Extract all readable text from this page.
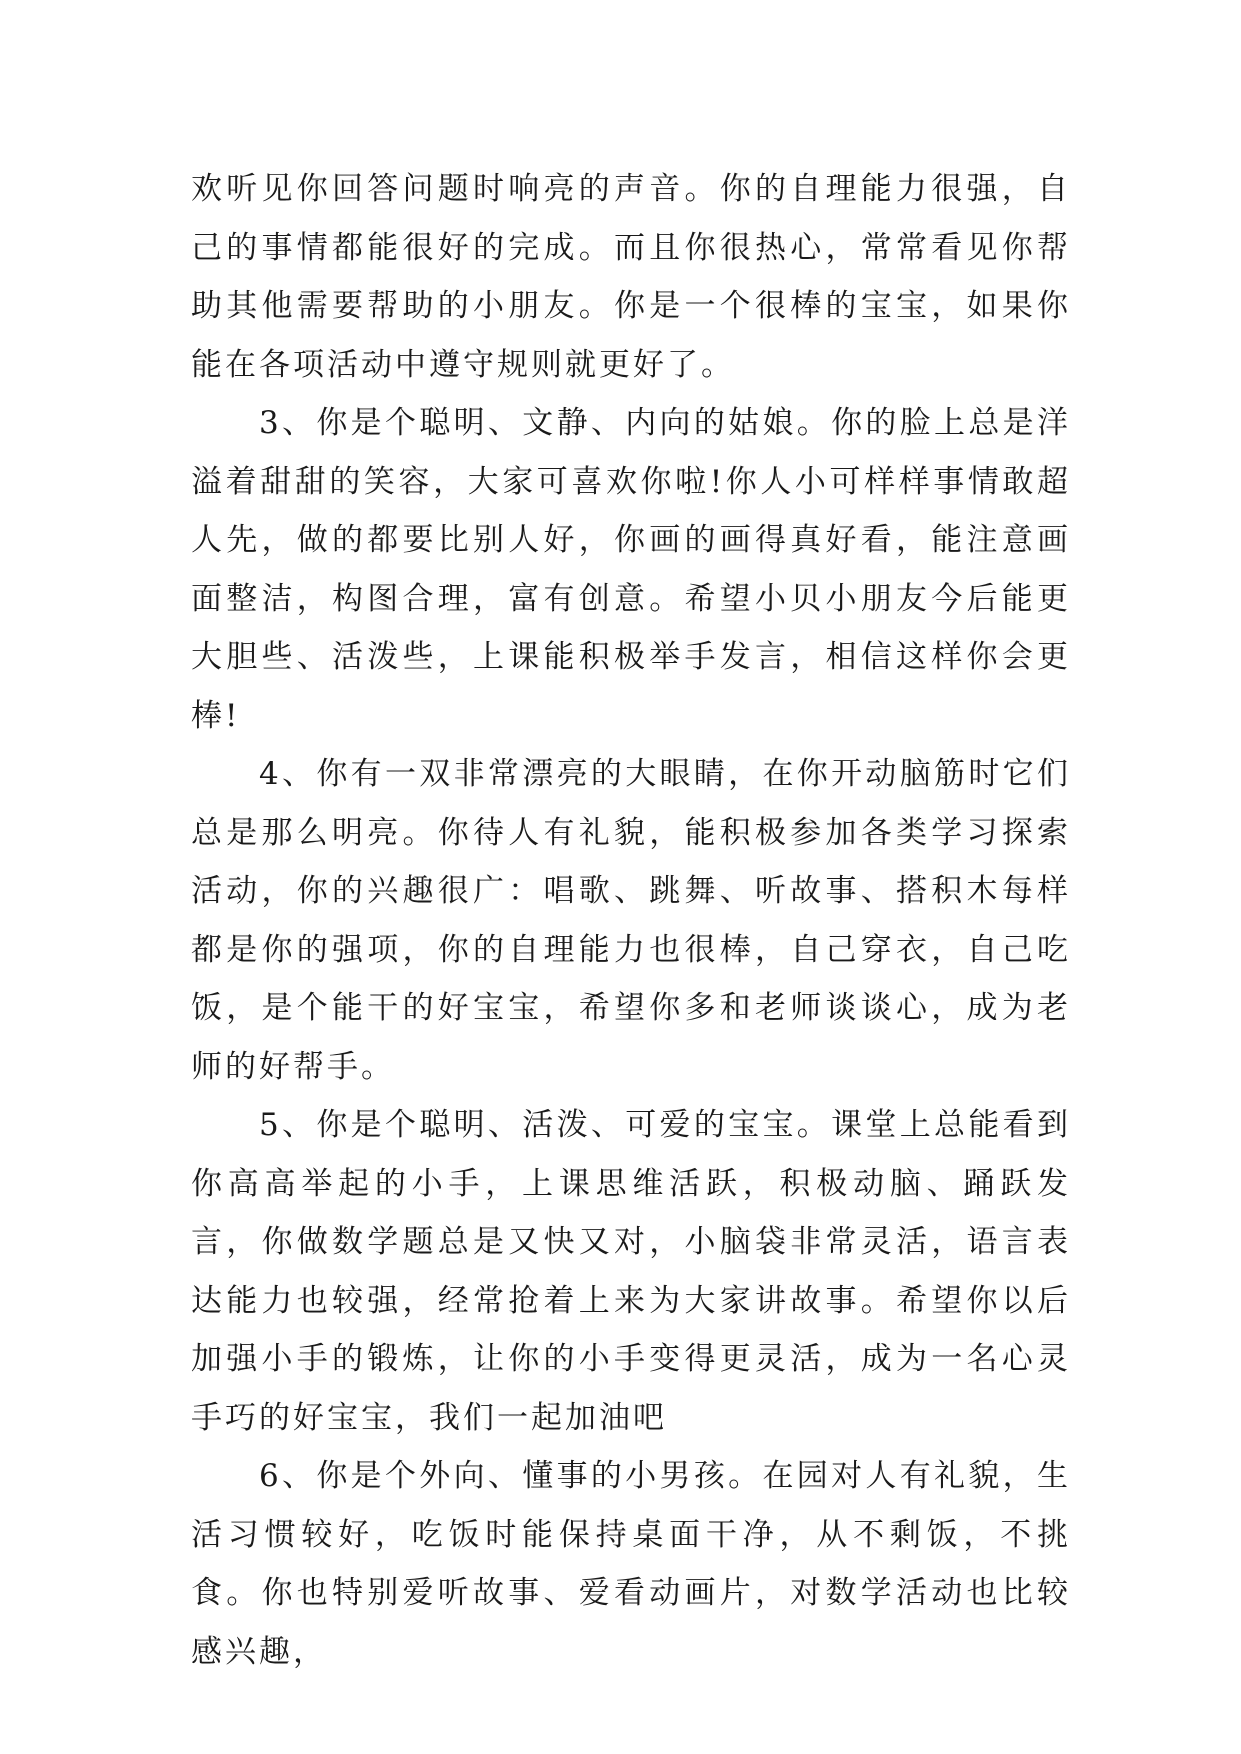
欢听见你回答问题时响亮的声音。你的自理能力很强，自己的事情都能很好的完成。而且你很热心，常常看见你帮助其他需要帮助的小朋友。你是一个很棒的宝宝，如果你能在各项活动中遵守规则就更好了。

3、你是个聪明、文静、内向的姑娘。你的脸上总是洋溢着甜甜的笑容，大家可喜欢你啦!你人小可样样事情敢超人先，做的都要比别人好，你画的画得真好看，能注意画面整洁，构图合理，富有创意。希望小贝小朋友今后能更大胆些、活泼些，上课能积极举手发言，相信这样你会更棒!

4、你有一双非常漂亮的大眼睛，在你开动脑筋时它们总是那么明亮。你待人有礼貌，能积极参加各类学习探索活动，你的兴趣很广：唱歌、跳舞、听故事、搭积木每样都是你的强项，你的自理能力也很棒，自己穿衣，自己吃饭，是个能干的好宝宝，希望你多和老师谈谈心，成为老师的好帮手。

5、你是个聪明、活泼、可爱的宝宝。课堂上总能看到你高高举起的小手，上课思维活跃，积极动脑、踊跃发言，你做数学题总是又快又对，小脑袋非常灵活，语言表达能力也较强，经常抢着上来为大家讲故事。希望你以后加强小手的锻炼，让你的小手变得更灵活，成为一名心灵手巧的好宝宝，我们一起加油吧

6、你是个外向、懂事的小男孩。在园对人有礼貌，生活习惯较好，吃饭时能保持桌面干净，从不剩饭，不挑食。你也特别爱听故事、爱看动画片，对数学活动也比较感兴趣，
